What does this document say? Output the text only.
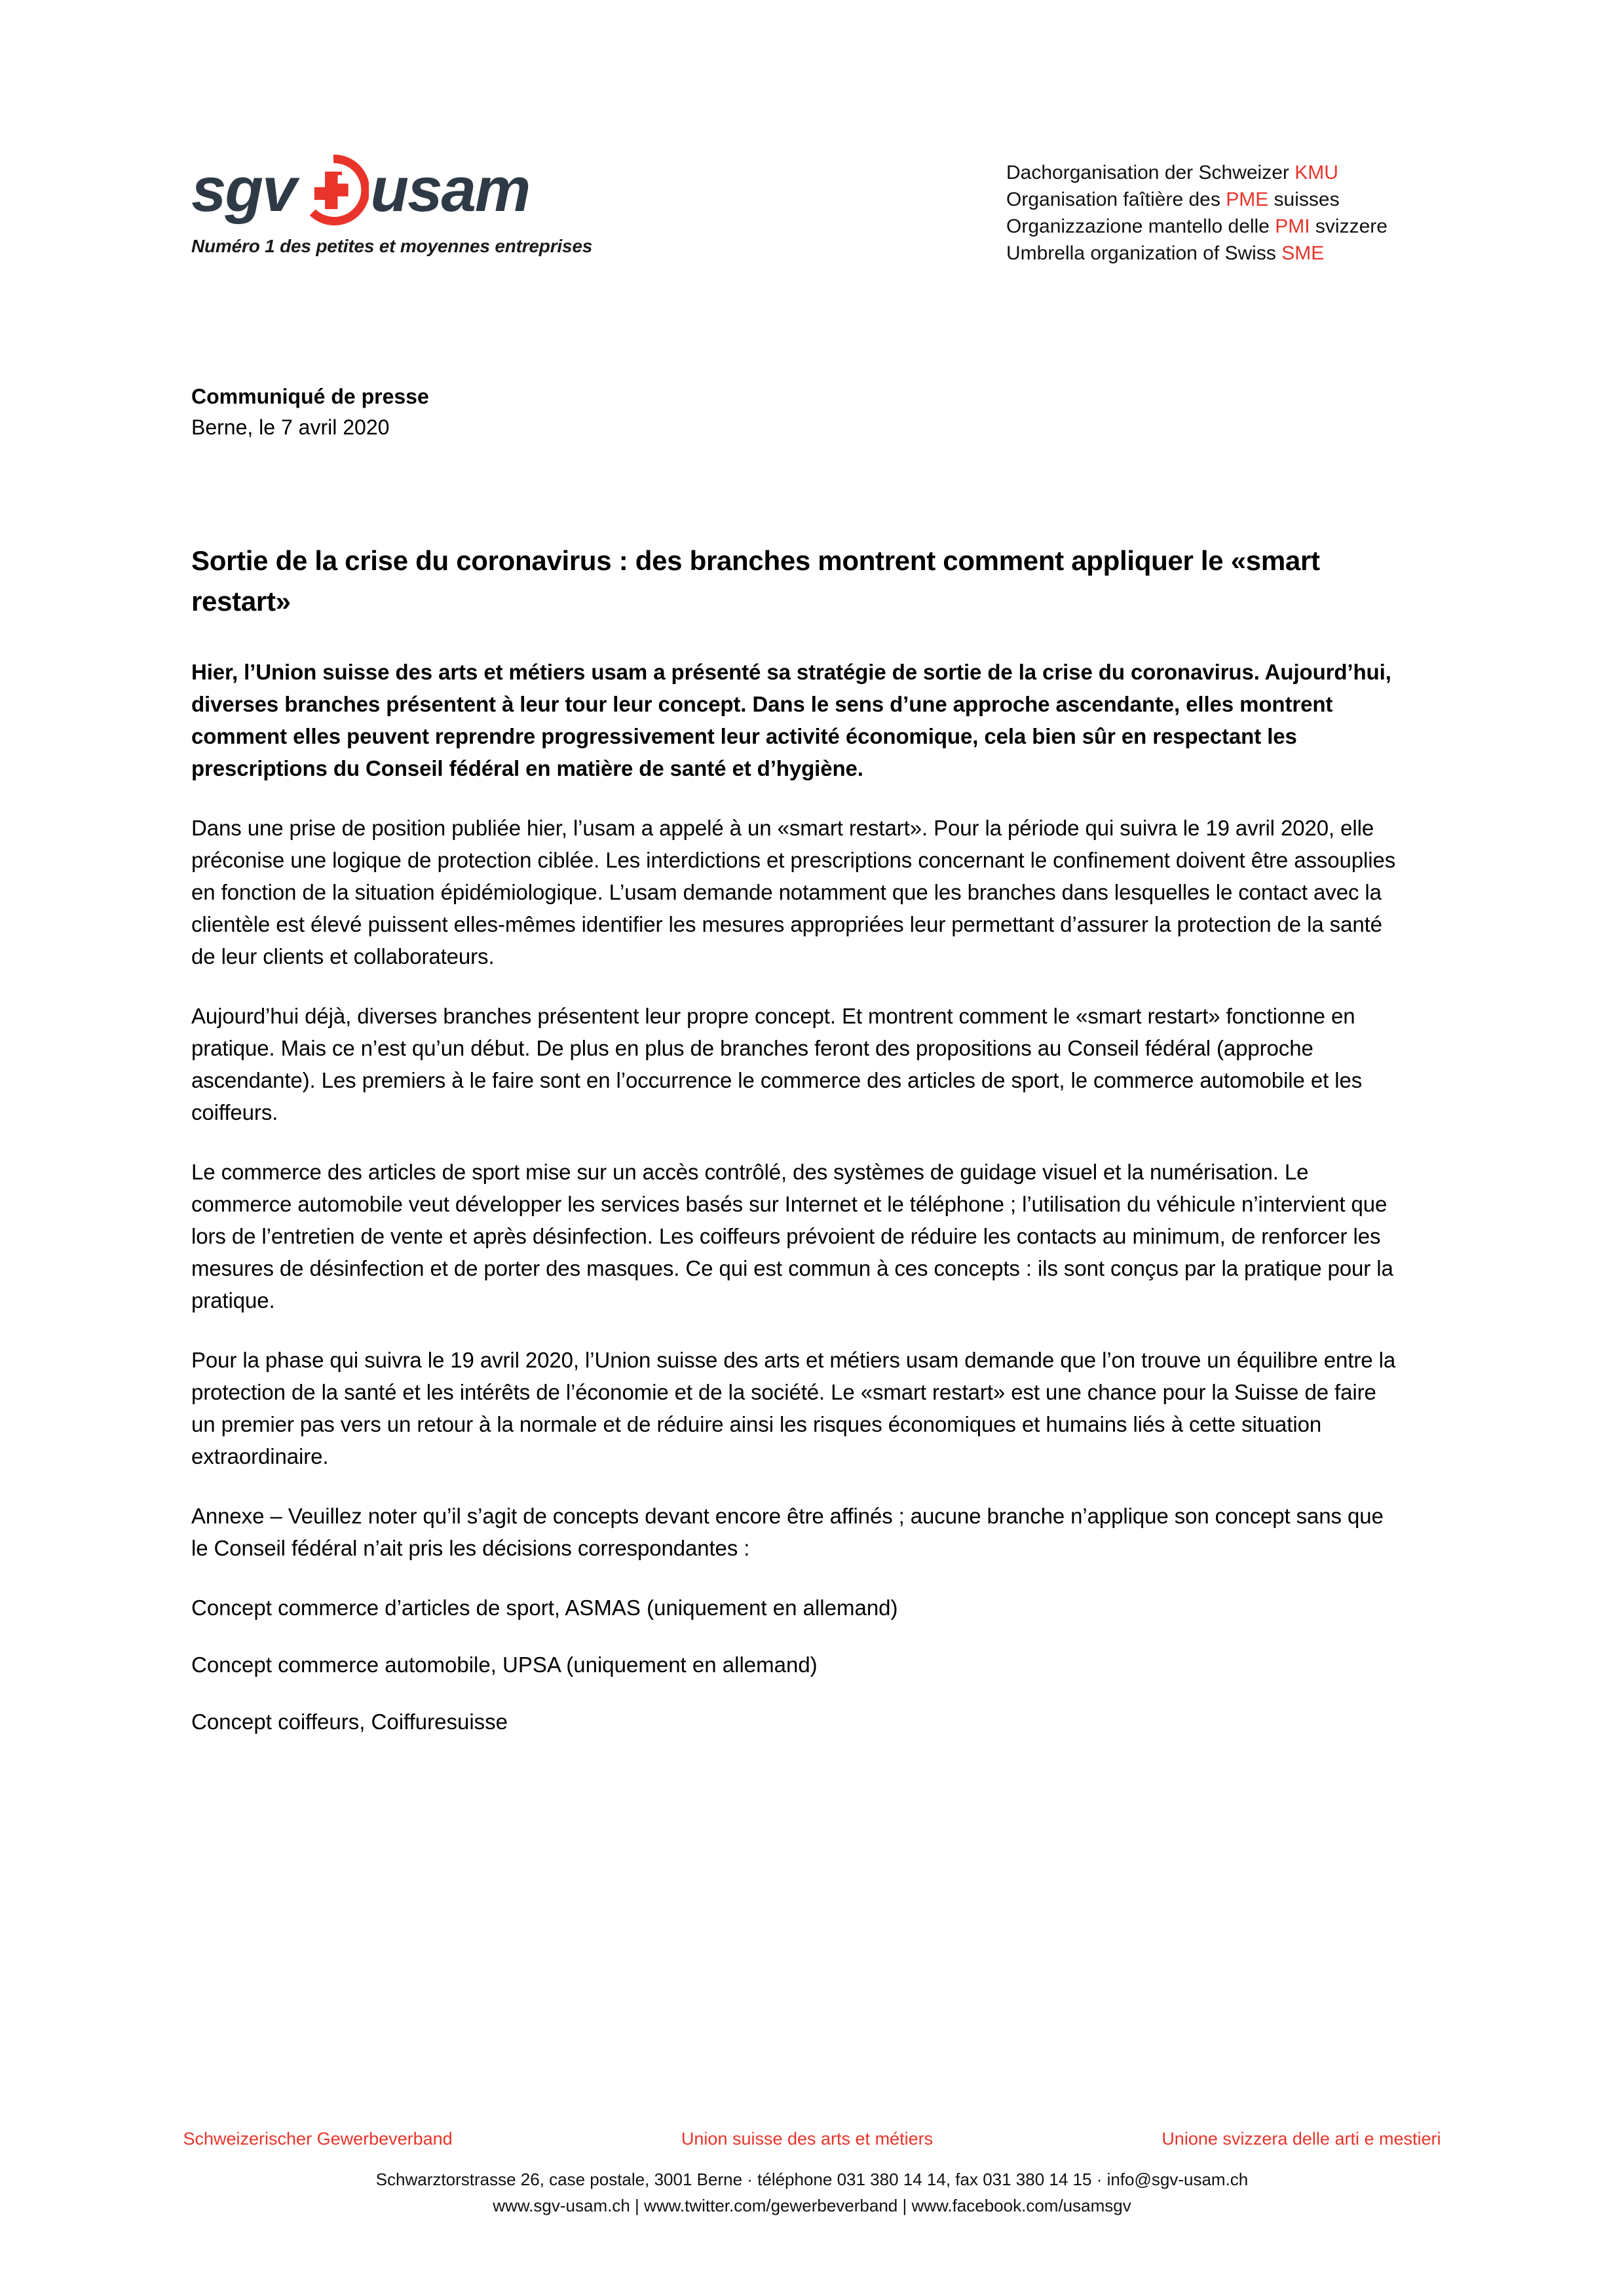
sgv usam
Numéro 1 des petites et moyennes entreprises
Dachorganisation der Schweizer KMU
Organisation faîtière des PME suisses
Organizzazione mantello delle PMI svizzere
Umbrella organization of Swiss SME
Communiqué de presse
Berne, le 7 avril 2020
Sortie de la crise du coronavirus : des branches montrent comment appliquer le «smart restart»

Hier, l’Union suisse des arts et métiers usam a présenté sa stratégie de sortie de la crise du coronavirus. Aujourd’hui, diverses branches présentent à leur tour leur concept. Dans le sens d’une approche ascendante, elles montrent comment elles peuvent reprendre progressivement leur activité économique, cela bien sûr en respectant les prescriptions du Conseil fédéral en matière de santé et d’hygiène.

Dans une prise de position publiée hier, l’usam a appelé à un «smart restart». Pour la période qui suivra le 19 avril 2020, elle préconise une logique de protection ciblée. Les interdictions et prescriptions concernant le confinement doivent être assouplies en fonction de la situation épidémiologique. L’usam demande notamment que les branches dans lesquelles le contact avec la clientèle est élevé puissent elles-mêmes identifier les mesures appropriées leur permettant d’assurer la protection de la santé de leur clients et collaborateurs.

Aujourd’hui déjà, diverses branches présentent leur propre concept. Et montrent comment le «smart restart» fonctionne en pratique. Mais ce n’est qu’un début. De plus en plus de branches feront des propositions au Conseil fédéral (approche ascendante). Les premiers à le faire sont en l’occurrence le commerce des articles de sport, le commerce automobile et les coiffeurs.

Le commerce des articles de sport mise sur un accès contrôlé, des systèmes de guidage visuel et la numérisation. Le commerce automobile veut développer les services basés sur Internet et le téléphone ; l’utilisation du véhicule n’intervient que lors de l’entretien de vente et après désinfection. Les coiffeurs prévoient de réduire les contacts au minimum, de renforcer les mesures de désinfection et de porter des masques. Ce qui est commun à ces concepts : ils sont conçus par la pratique pour la pratique.

Pour la phase qui suivra le 19 avril 2020, l’Union suisse des arts et métiers usam demande que l’on trouve un équilibre entre la protection de la santé et les intérêts de l’économie et de la société. Le «smart restart» est une chance pour la Suisse de faire un premier pas vers un retour à la normale et de réduire ainsi les risques économiques et humains liés à cette situation extraordinaire.

Annexe – Veuillez noter qu’il s’agit de concepts devant encore être affinés ; aucune branche n’applique son concept sans que le Conseil fédéral n’ait pris les décisions correspondantes :

Concept commerce d’articles de sport, ASMAS (uniquement en allemand)

Concept commerce automobile, UPSA (uniquement en allemand)

Concept coiffeurs, Coiffuresuisse

Schweizerischer Gewerbeverband	Union suisse des arts et métiers	Unione svizzera delle arti e mestieri
Schwarztorstrasse 26, case postale, 3001 Berne · téléphone 031 380 14 14, fax 031 380 14 15 · info@sgv-usam.ch
www.sgv-usam.ch | www.twitter.com/gewerbeverband | www.facebook.com/usamsgv
